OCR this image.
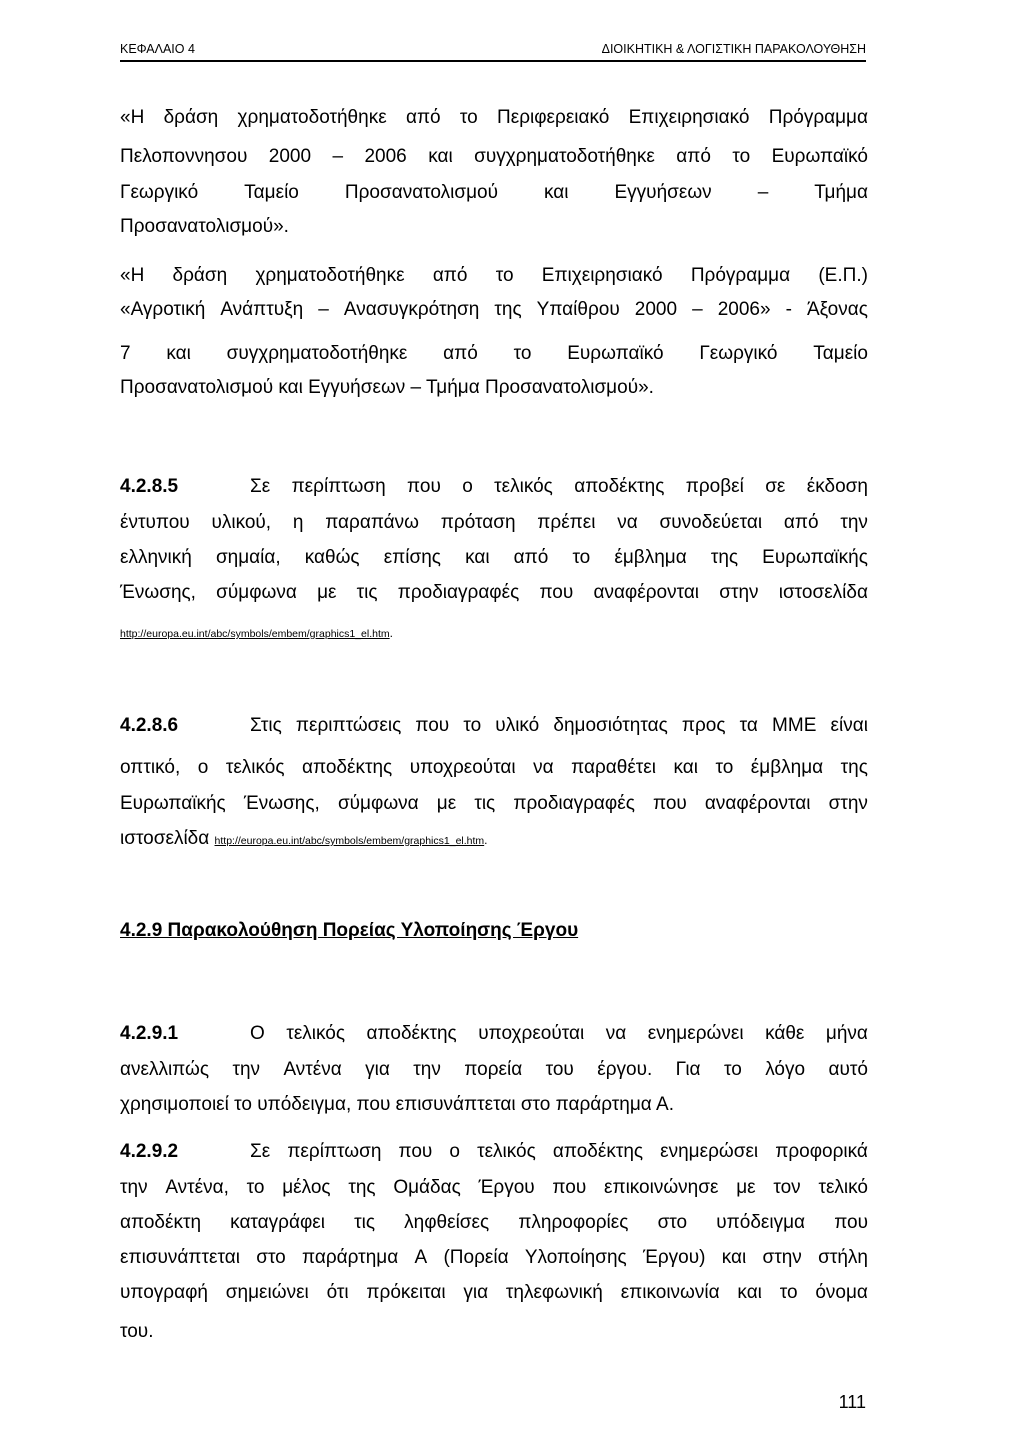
ΚΕΦΑΛΑΙΟ 4	ΔΙΟΙΚΗΤΙΚΗ & ΛΟΓΙΣΤΙΚΗ ΠΑΡΑΚΟΛΟΥΘΗΣΗ
«Η δράση χρηματοδοτήθηκε από το Περιφερειακό Επιχειρησιακό Πρόγραμμα
Πελοποννησου 2000 – 2006 και συγχρηματοδοτήθηκε από το Ευρωπαϊκό
Γεωργικό Ταμείο Προσανατολισμού και Εγγυήσεων – Τμήμα
Προσανατολισμού».
«Η δράση χρηματοδοτήθηκε από το Επιχειρησιακό Πρόγραμμα (Ε.Π.)
«Αγροτική Ανάπτυξη – Ανασυγκρότηση της Υπαίθρου 2000 – 2006» - Άξονας
7 και συγχρηματοδοτήθηκε από το Ευρωπαϊκό Γεωργικό Ταμείο
Προσανατολισμού και Εγγυήσεων – Τμήμα Προσανατολισμού».
4.2.8.5	Σε περίπτωση που ο τελικός αποδέκτης προβεί σε έκδοση
έντυπου υλικού, η παραπάνω πρόταση πρέπει να συνοδεύεται από την
ελληνική σημαία, καθώς επίσης και από το έμβλημα της Ευρωπαϊκής
Ένωσης, σύμφωνα με τις προδιαγραφές που αναφέρονται στην ιστοσελίδα
http://europa.eu.int/abc/symbols/embem/graphics1_el.htm.
4.2.8.6	Στις περιπτώσεις που το υλικό δημοσιότητας προς τα ΜΜΕ είναι
οπτικό, ο τελικός αποδέκτης υποχρεούται να παραθέτει και το έμβλημα της
Ευρωπαϊκής Ένωσης, σύμφωνα με τις προδιαγραφές που αναφέρονται στην
ιστοσελίδα http://europa.eu.int/abc/symbols/embem/graphics1_el.htm.
4.2.9 Παρακολούθηση Πορείας Υλοποίησης Έργου
4.2.9.1	Ο τελικός αποδέκτης υποχρεούται να ενημερώνει κάθε μήνα
ανελλιπώς την Αντένα για την πορεία του έργου. Για το λόγο αυτό
χρησιμοποιεί το υπόδειγμα, που επισυνάπτεται στο παράρτημα Α.
4.2.9.2	Σε περίπτωση που ο τελικός αποδέκτης ενημερώσει προφορικά
την Αντένα, το μέλος της Ομάδας Έργου που επικοινώνησε με τον τελικό
αποδέκτη καταγράφει τις ληφθείσες πληροφορίες στο υπόδειγμα που
επισυνάπτεται στο παράρτημα Α (Πορεία Υλοποίησης Έργου) και στην στήλη
υπογραφή σημειώνει ότι πρόκειται για τηλεφωνική επικοινωνία και το όνομα
του.
111
